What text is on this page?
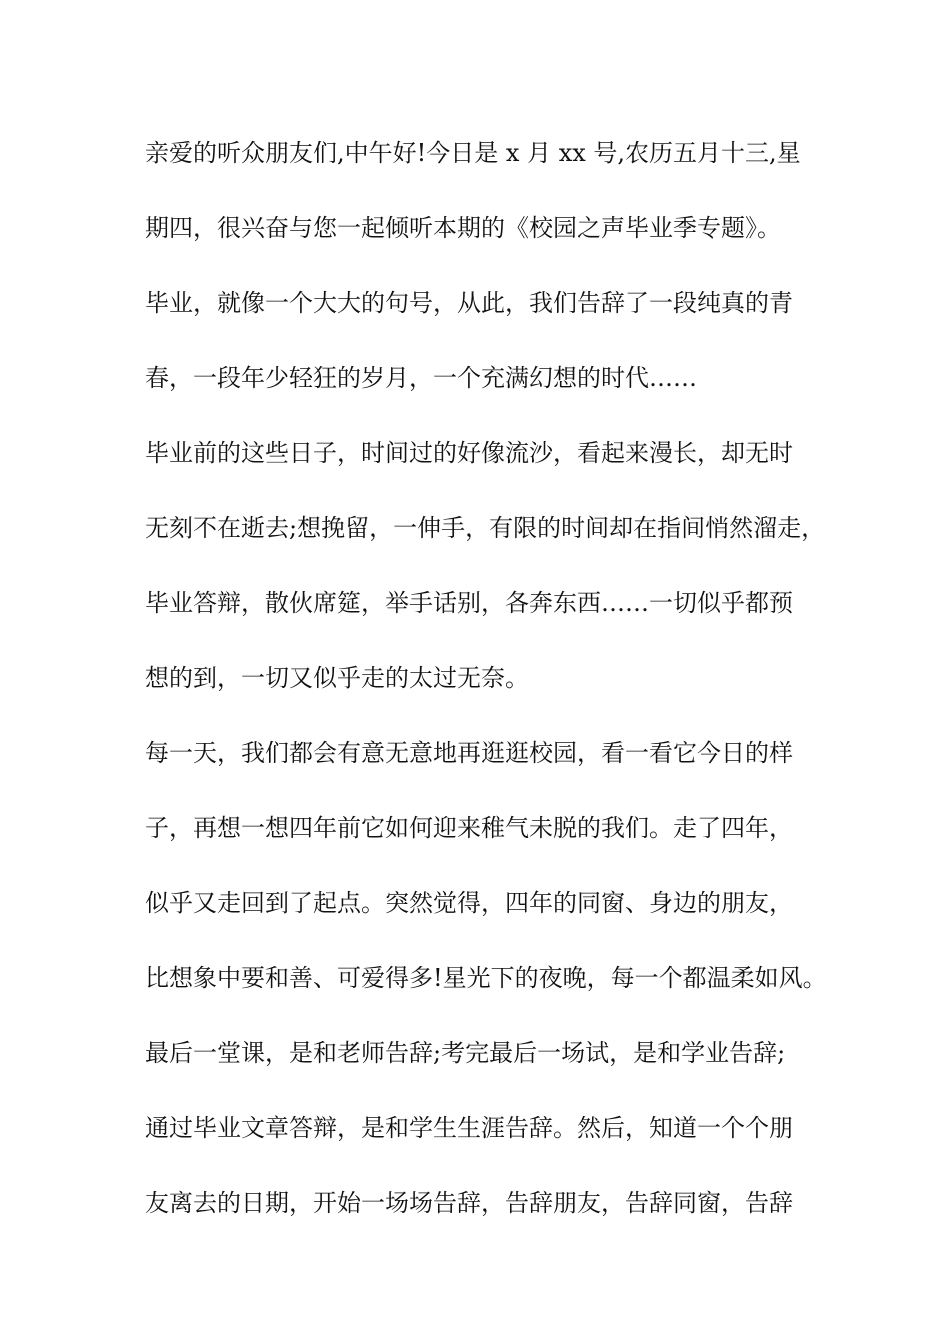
亲爱的听众朋友们,中午好!今日是 x 月 xx 号,农历五月十三,星
期四，很兴奋与您一起倾听本期的《校园之声毕业季专题》。
毕业，就像一个大大的句号，从此，我们告辞了一段纯真的青
春，一段年少轻狂的岁月，一个充满幻想的时代……
毕业前的这些日子，时间过的好像流沙，看起来漫长，却无时
无刻不在逝去;想挽留，一伸手，有限的时间却在指间悄然溜走，
毕业答辩，散伙席筵，举手话别，各奔东西……一切似乎都预
想的到，一切又似乎走的太过无奈。
每一天，我们都会有意无意地再逛逛校园，看一看它今日的样
子，再想一想四年前它如何迎来稚气未脱的我们。走了四年，
似乎又走回到了起点。突然觉得，四年的同窗、身边的朋友，
比想象中要和善、可爱得多!星光下的夜晚，每一个都温柔如风。
最后一堂课，是和老师告辞;考完最后一场试，是和学业告辞;
通过毕业文章答辩，是和学生生涯告辞。然后，知道一个个朋
友离去的日期，开始一场场告辞，告辞朋友，告辞同窗，告辞
